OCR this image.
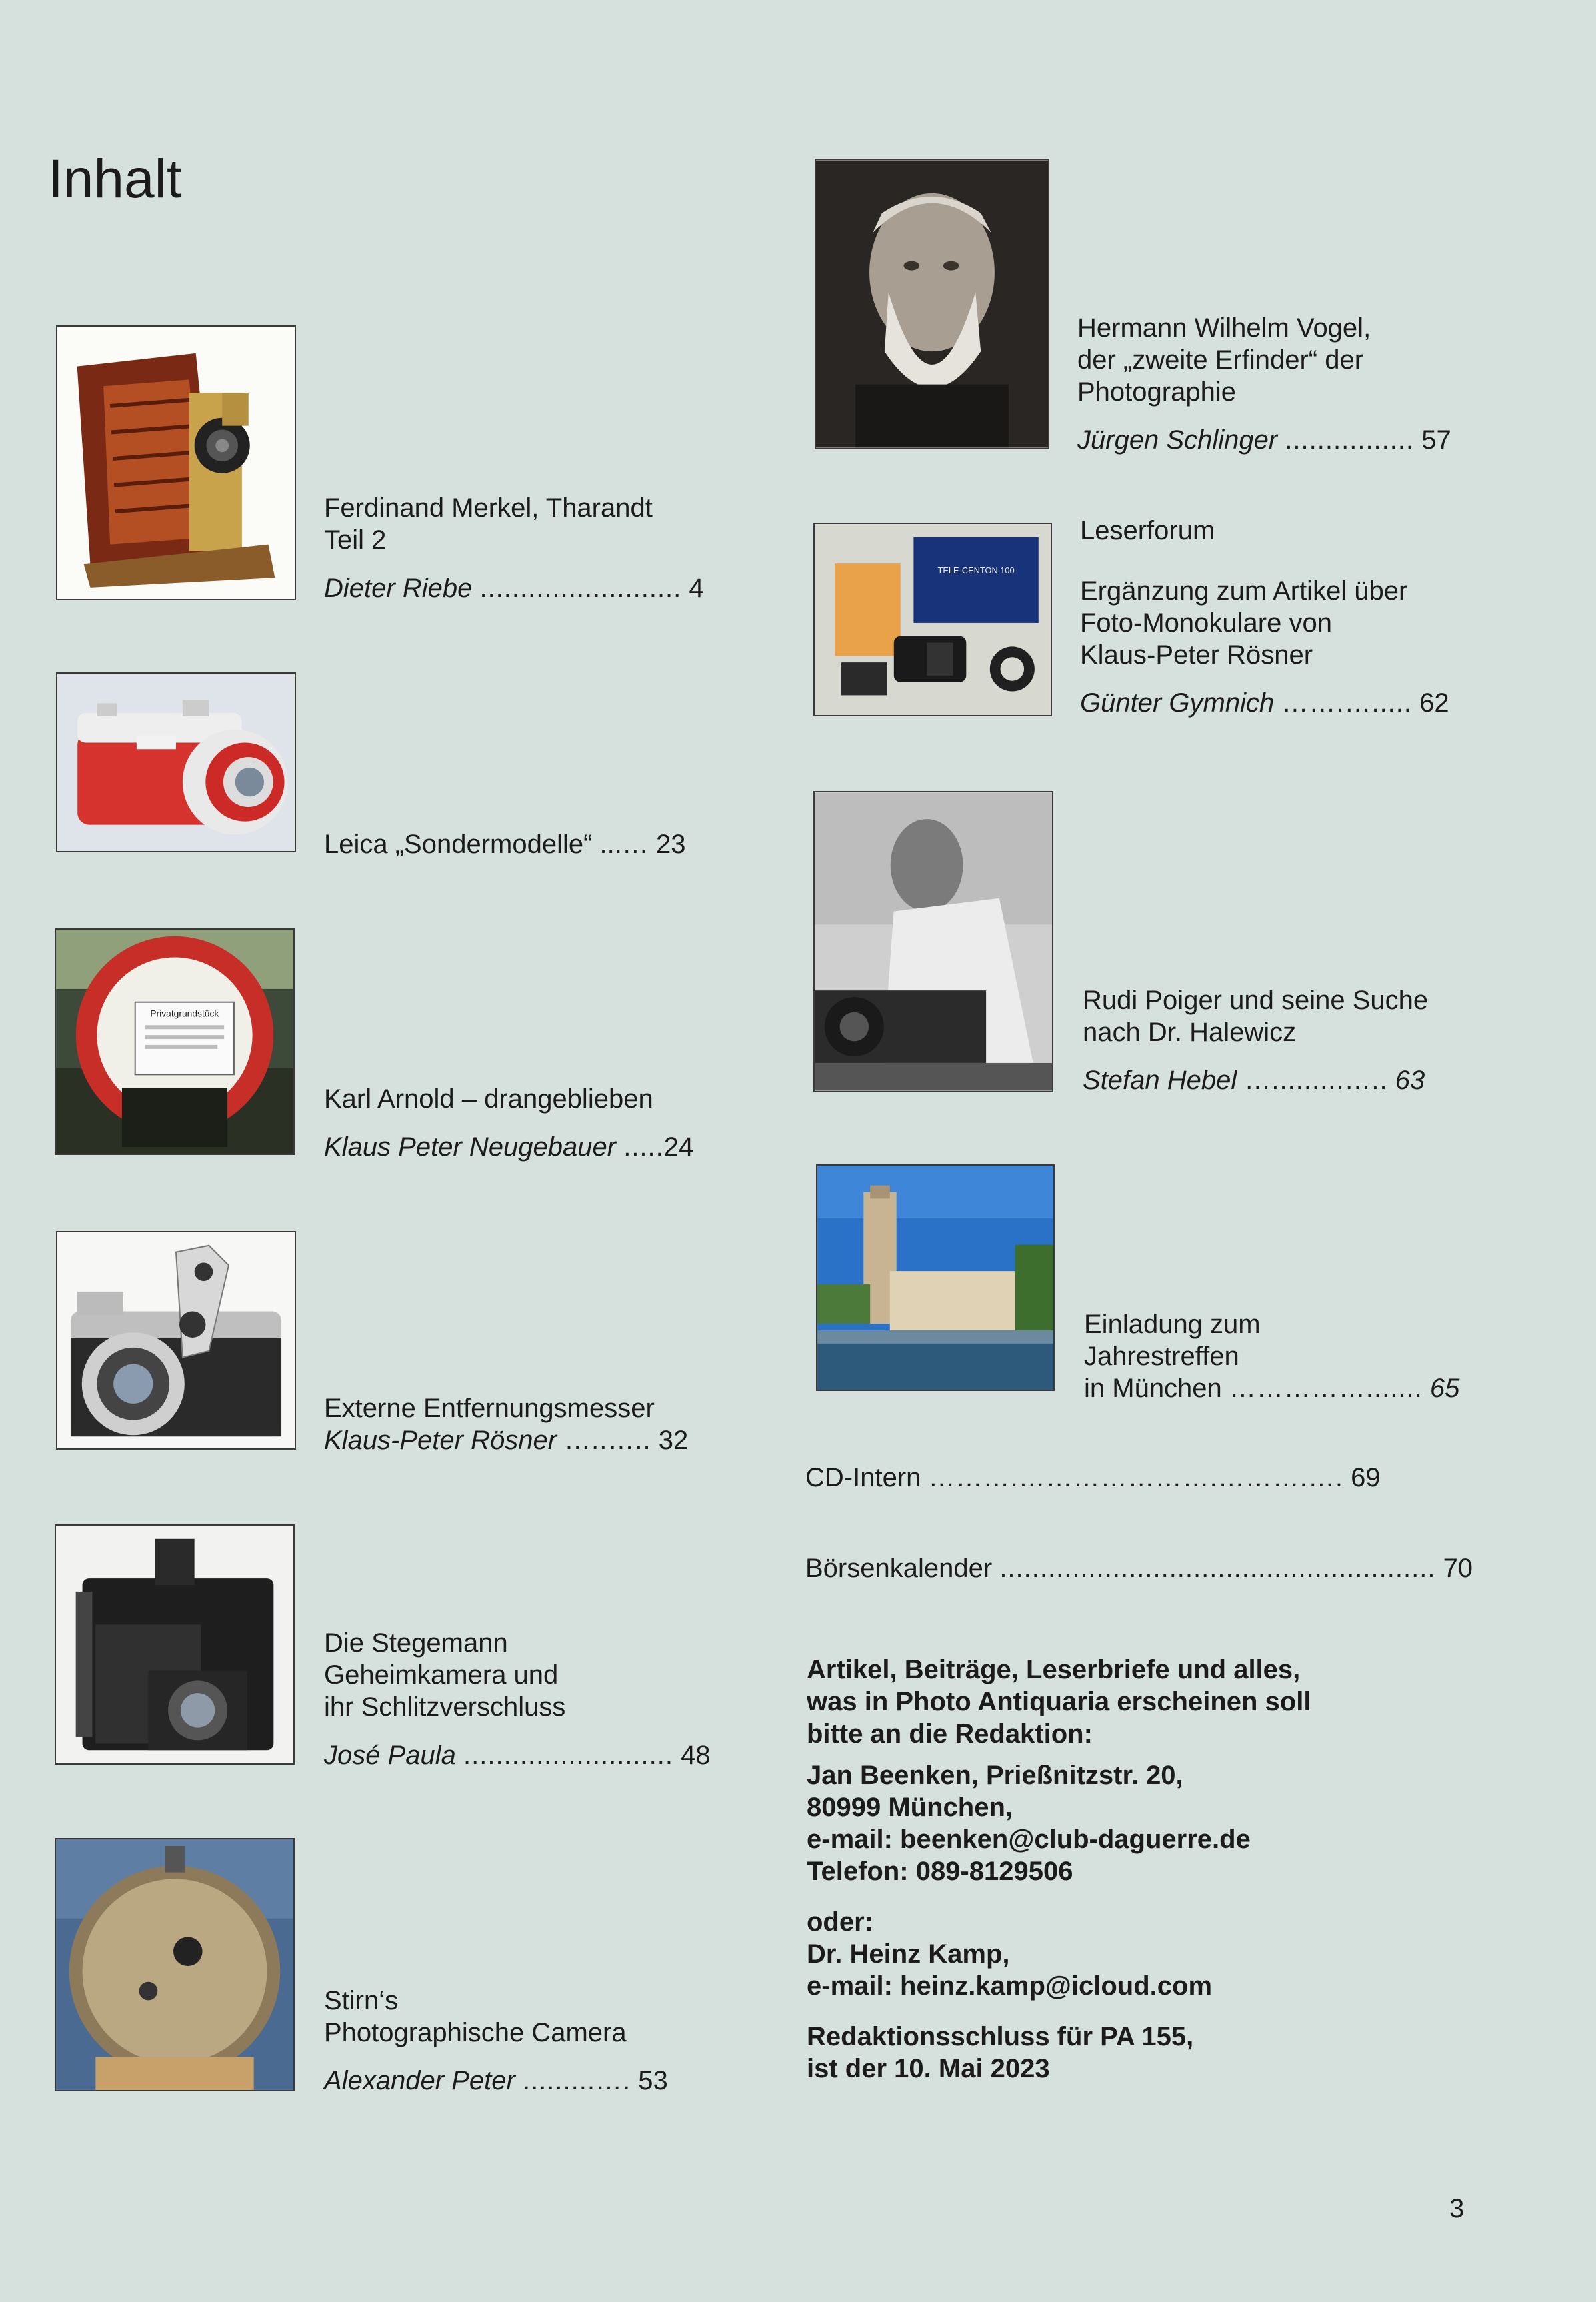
Inhalt
Privatgrundstück
TELE-CENTON 100
Ferdinand Merkel, Tharandt
Teil 2
Dieter Riebe ......................... 4
Leica „Sondermodelle“ ...… 23
Karl Arnold – drangeblieben
Klaus Peter Neugebauer .....24
Externe Entfernungsmesser
Klaus-Peter Rösner …..….. 32
Die Stegemann
Geheimkamera und
ihr Schlitzverschluss
José Paula .......................... 48
Stirn‘s
Photographische Camera
Alexander Peter .........…. 53
Hermann Wilhelm Vogel,
der „zweite Erfinder“ der
Photographie
Jürgen Schlinger ................ 57
Leserforum
Ergänzung zum Artikel über
Foto-Monokulare von
Klaus-Peter Rösner
Günter Gymnich …….…..... 62
Rudi Poiger und seine Suche
nach Dr. Halewicz
Stefan Hebel ….........….. 63
Einladung zum
Jahrestreffen
in München ……………....... 65
CD-Intern ……….………………….……….…. 69
Börsenkalender ...................................................... 70
Artikel, Beiträge, Leserbriefe und alles,
was in Photo Antiquaria erscheinen soll
bitte an die Redaktion:
Jan Beenken, Prießnitzstr. 20,
80999 München,
e-mail: beenken@club-daguerre.de
Telefon: 089-8129506
oder:
Dr. Heinz Kamp,
e-mail: heinz.kamp@icloud.com
Redaktionsschluss für PA 155,
ist der 10. Mai 2023
3
